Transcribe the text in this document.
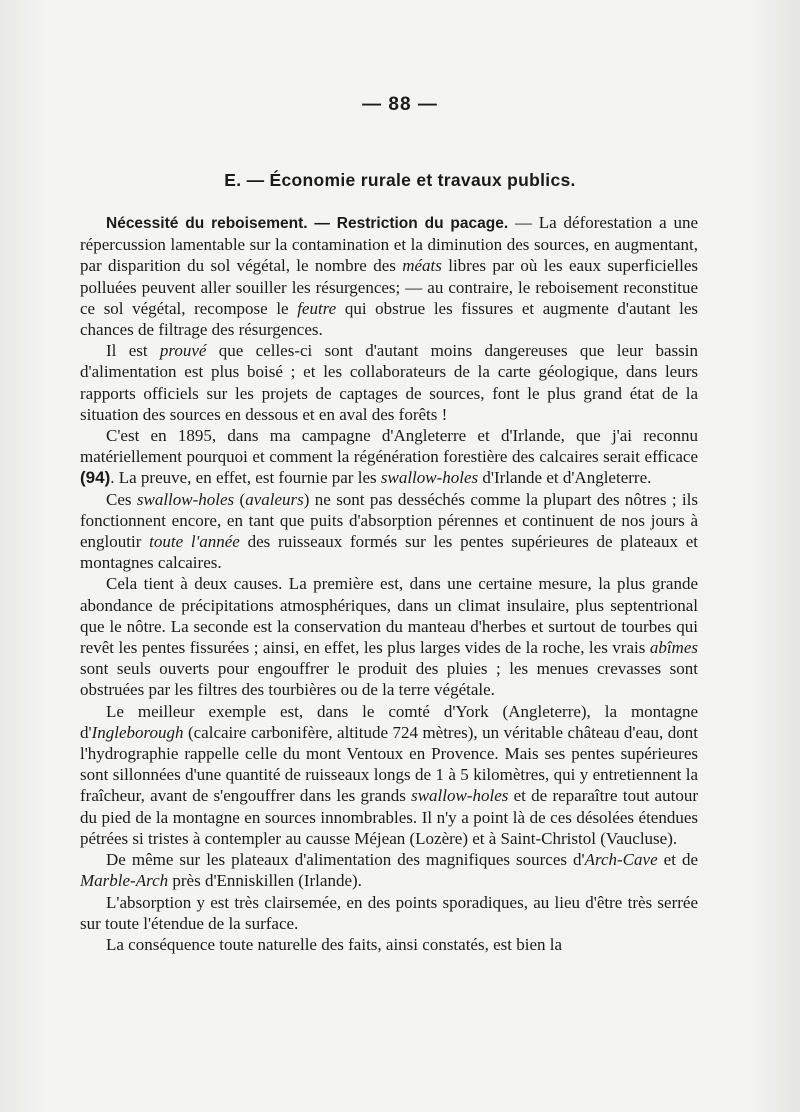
— 88 —
E. — Économie rurale et travaux publics.

Nécessité du reboisement. — Restriction du pacage. — La déforestation a une répercussion lamentable sur la contamination et la diminution des sources, en augmentant, par disparition du sol végétal, le nombre des méats libres par où les eaux superficielles polluées peuvent aller souiller les résurgences; — au contraire, le reboisement reconstitue ce sol végétal, recompose le feutre qui obstrue les fissures et augmente d'autant les chances de filtrage des résurgences.

Il est prouvé que celles-ci sont d'autant moins dangereuses que leur bassin d'alimentation est plus boisé ; et les collaborateurs de la carte géologique, dans leurs rapports officiels sur les projets de captages de sources, font le plus grand état de la situation des sources en dessous et en aval des forêts !

C'est en 1895, dans ma campagne d'Angleterre et d'Irlande, que j'ai reconnu matériellement pourquoi et comment la régénération forestière des calcaires serait efficace (94). La preuve, en effet, est fournie par les swallow-holes d'Irlande et d'Angleterre.

Ces swallow-holes (avaleurs) ne sont pas desséchés comme la plupart des nôtres ; ils fonctionnent encore, en tant que puits d'absorption pérennes et continuent de nos jours à engloutir toute l'année des ruisseaux formés sur les pentes supérieures de plateaux et montagnes calcaires.

Cela tient à deux causes. La première est, dans une certaine mesure, la plus grande abondance de précipitations atmosphériques, dans un climat insulaire, plus septentrional que le nôtre. La seconde est la conservation du manteau d'herbes et surtout de tourbes qui revêt les pentes fissurées ; ainsi, en effet, les plus larges vides de la roche, les vrais abîmes sont seuls ouverts pour engouffrer le produit des pluies ; les menues crevasses sont obstruées par les filtres des tourbières ou de la terre végétale.

Le meilleur exemple est, dans le comté d'York (Angleterre), la montagne d'Ingleborough (calcaire carbonifère, altitude 724 mètres), un véritable château d'eau, dont l'hydrographie rappelle celle du mont Ventoux en Provence. Mais ses pentes supérieures sont sillonnées d'une quantité de ruisseaux longs de 1 à 5 kilomètres, qui y entretiennent la fraîcheur, avant de s'engouffrer dans les grands swallow-holes et de reparaître tout autour du pied de la montagne en sources innombrables. Il n'y a point là de ces désolées étendues pétrées si tristes à contempler au causse Méjean (Lozère) et à Saint-Christol (Vaucluse).

De même sur les plateaux d'alimentation des magnifiques sources d'Arch-Cave et de Marble-Arch près d'Enniskillen (Irlande).

L'absorption y est très clairsemée, en des points sporadiques, au lieu d'être très serrée sur toute l'étendue de la surface.

La conséquence toute naturelle des faits, ainsi constatés, est bien la
